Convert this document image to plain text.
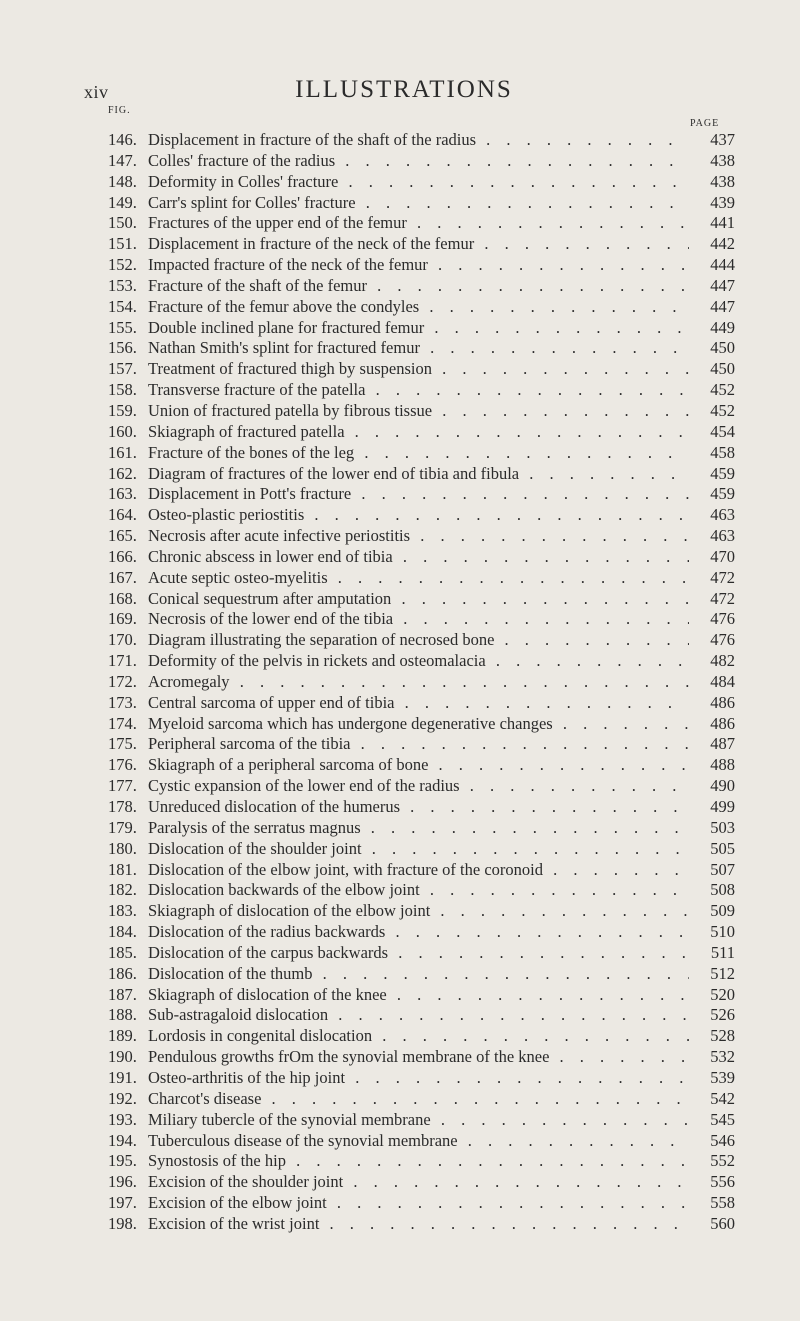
xiv	ILLUSTRATIONS
FIG.
PAGE
146. Displacement in fracture of the shaft of the radius . . .	437
147. Colles' fracture of the radius . . .	438
148. Deformity in Colles' fracture . . .	438
149. Carr's splint for Colles' fracture . . .	439
150. Fractures of the upper end of the femur . . .	441
151. Displacement in fracture of the neck of the femur . . .	442
152. Impacted fracture of the neck of the femur . . .	444
153. Fracture of the shaft of the femur . . .	447
154. Fracture of the femur above the condyles . . .	447
155. Double inclined plane for fractured femur . . .	449
156. Nathan Smith's splint for fractured femur . . .	450
157. Treatment of fractured thigh by suspension . . .	450
158. Transverse fracture of the patella . . .	452
159. Union of fractured patella by fibrous tissue . . .	452
160. Skiagraph of fractured patella . . .	454
161. Fracture of the bones of the leg . . .	458
162. Diagram of fractures of the lower end of tibia and fibula . . .	459
163. Displacement in Pott's fracture . . .	459
164. Osteo-plastic periostitis . . .	463
165. Necrosis after acute infective periostitis . . .	463
166. Chronic abscess in lower end of tibia . . .	470
167. Acute septic osteo-myelitis . . .	472
168. Conical sequestrum after amputation . . .	472
169. Necrosis of the lower end of the tibia . . .	476
170. Diagram illustrating the separation of necrosed bone . . .	476
171. Deformity of the pelvis in rickets and osteomalacia . . .	482
172. Acromegaly . . .	484
173. Central sarcoma of upper end of tibia . . .	486
174. Myeloid sarcoma which has undergone degenerative changes . . .	486
175. Peripheral sarcoma of the tibia . . .	487
176. Skiagraph of a peripheral sarcoma of bone . . .	488
177. Cystic expansion of the lower end of the radius . . .	490
178. Unreduced dislocation of the humerus . . .	499
179. Paralysis of the serratus magnus . . .	503
180. Dislocation of the shoulder joint . . .	505
181. Dislocation of the elbow joint, with fracture of the coronoid . . .	507
182. Dislocation backwards of the elbow joint . . .	508
183. Skiagraph of dislocation of the elbow joint . . .	509
184. Dislocation of the radius backwards . . .	510
185. Dislocation of the carpus backwards . . .	511
186. Dislocation of the thumb . . .	512
187. Skiagraph of dislocation of the knee . . .	520
188. Sub-astragaloid dislocation . . .	526
189. Lordosis in congenital dislocation . . .	528
190. Pendulous growths frOm the synovial membrane of the knee . . .	532
191. Osteo-arthritis of the hip joint . . .	539
192. Charcot's disease . . .	542
193. Miliary tubercle of the synovial membrane . . .	545
194. Tuberculous disease of the synovial membrane . . .	546
195. Synostosis of the hip . . .	552
196. Excision of the shoulder joint . . .	556
197. Excision of the elbow joint . . .	558
198. Excision of the wrist joint . . .	560
